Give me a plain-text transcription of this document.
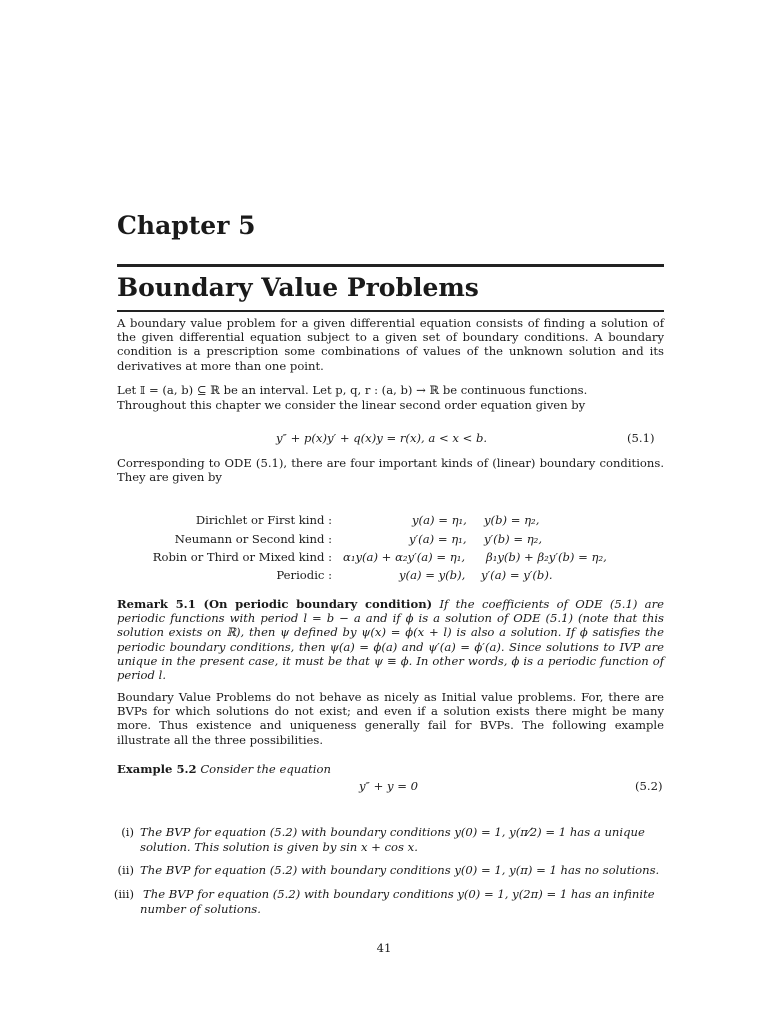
Chapter 5
Boundary Value Problems
A boundary value problem for a given differential equation consists of finding a solution of the given differential equation subject to a given set of boundary conditions. A boundary condition is a prescription some combinations of values of the unknown solution and its derivatives at more than one point.
Let 𝕀 = (a, b) ⊆ ℝ be an interval. Let p, q, r : (a, b) → ℝ be continuous functions.
Throughout this chapter we consider the linear second order equation given by
y″ + p(x)y′ + q(x)y = r(x), a < x < b.	(5.1)
Corresponding to ODE (5.1), there are four important kinds of (linear) boundary conditions. They are given by
Dirichlet or First kind :	y(a) = η₁, y(b) = η₂,
Neumann or Second kind :	y′(a) = η₁, y′(b) = η₂,
Robin or Third or Mixed kind : α₁y(a) + α₂y′(a) = η₁, β₁y(b) + β₂y′(b) = η₂,
Periodic :	y(a) = y(b), y′(a) = y′(b).
Remark 5.1 (On periodic boundary condition) If the coefficients of ODE (5.1) are periodic functions with period l = b − a and if ϕ is a solution of ODE (5.1) (note that this solution exists on ℝ), then ψ defined by ψ(x) = ϕ(x + l) is also a solution. If ϕ satisfies the periodic boundary conditions, then ψ(a) = ϕ(a) and ψ′(a) = ϕ′(a). Since solutions to IVP are unique in the present case, it must be that ψ ≡ ϕ. In other words, ϕ is a periodic function of period l.
Boundary Value Problems do not behave as nicely as Initial value problems. For, there are BVPs for which solutions do not exist; and even if a solution exists there might be many more. Thus existence and uniqueness generally fail for BVPs. The following example illustrate all the three possibilities.
Example 5.2 Consider the equation
y″ + y = 0	(5.2)
(i) The BVP for equation (5.2) with boundary conditions y(0) = 1, y(π⁄2) = 1 has a unique
solution. This solution is given by sin x + cos x.
(ii) The BVP for equation (5.2) with boundary conditions y(0) = 1, y(π) = 1 has no solutions.
(iii) The BVP for equation (5.2) with boundary conditions y(0) = 1, y(2π) = 1 has an infinite
number of solutions.
41
